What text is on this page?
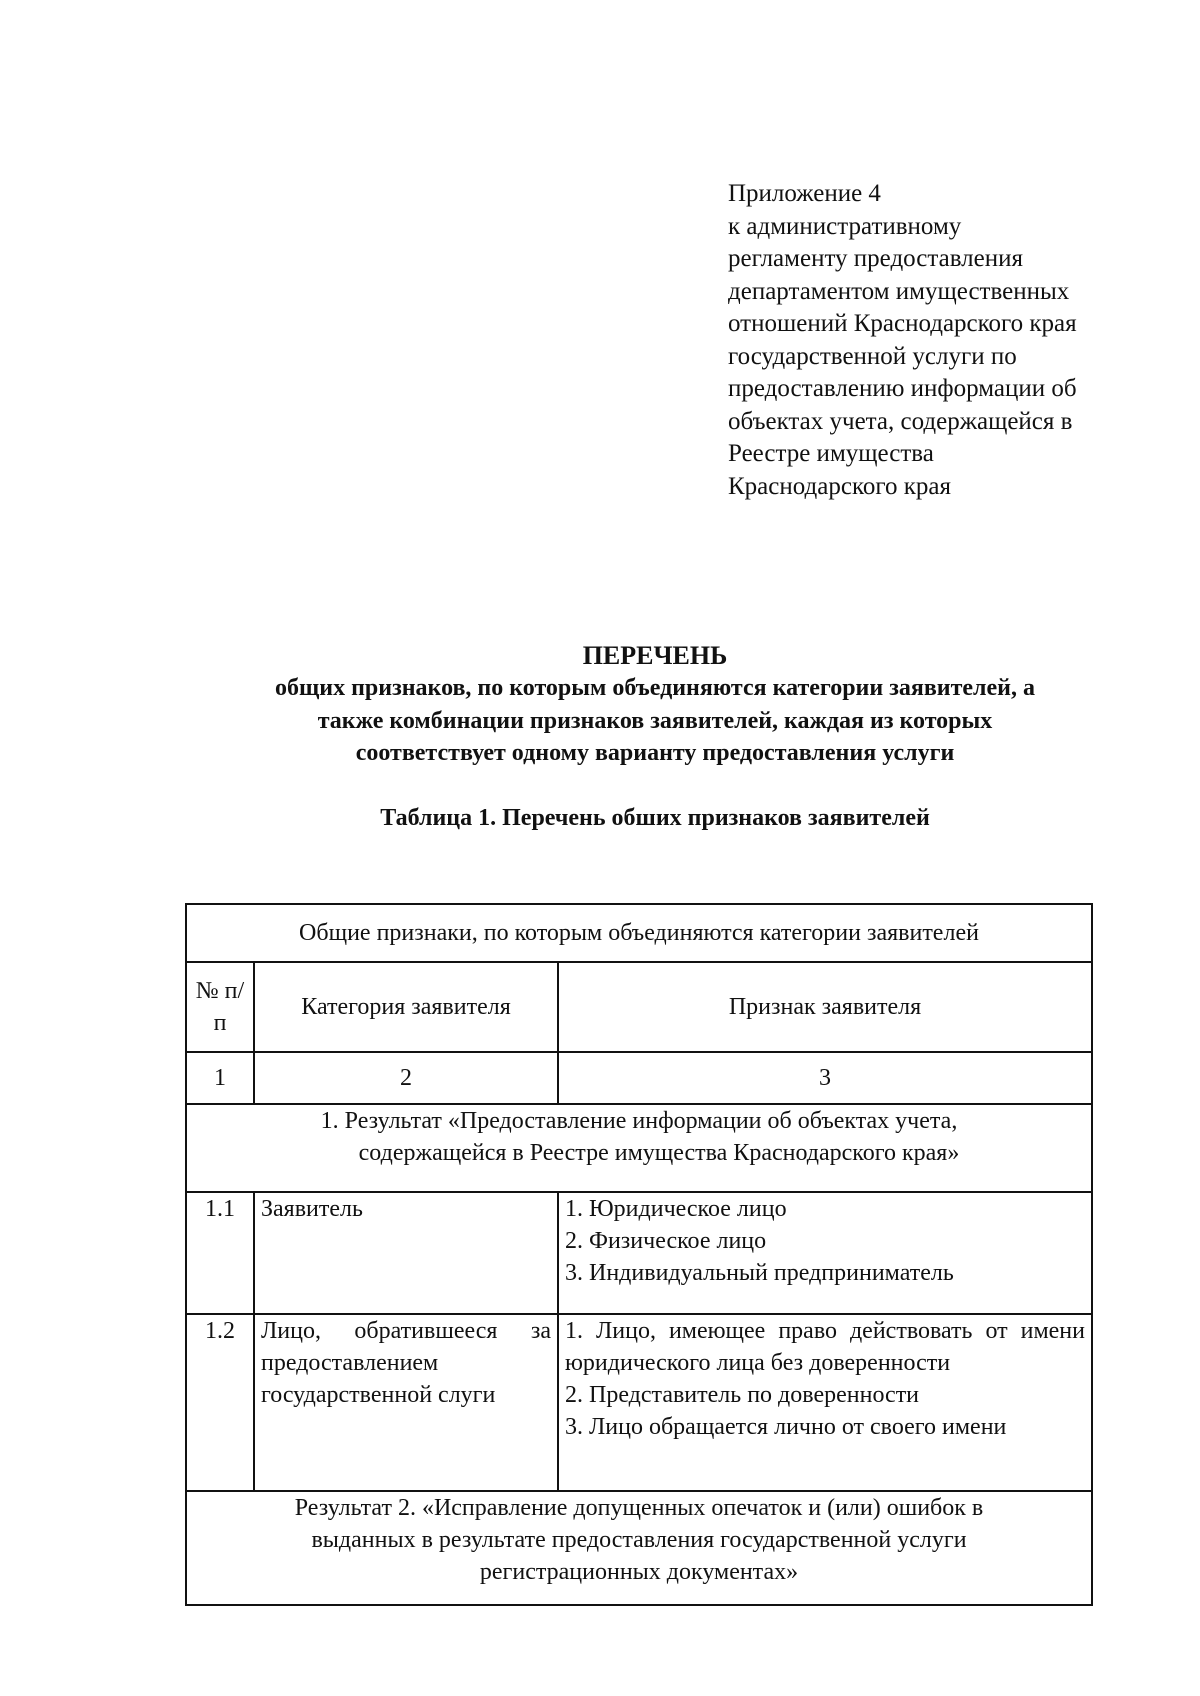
Приложение 4
к административному
регламенту предоставления
департаментом имущественных
отношений Краснодарского края
государственной услуги по
предоставлению информации об
объектах учета, содержащейся в
Реестре имущества
Краснодарского края
ПЕРЕЧЕНЬ
общих признаков, по которым объединяются категории заявителей, а
также комбинации признаков заявителей, каждая из которых
соответствует одному варианту предоставления услуги
Таблица 1. Перечень обших признаков заявителей
Общие признаки, по которым объединяются категории заявителей		
№ п/п	Категория заявителя	Признак заявителя
1	2	3

1. Результат «Предоставление информации об объектах учета,
содержащейся в Реестре имущества Краснодарского края»		

1.1	Заявитель	1. Юридическое лицо
2. Физическое лицо
3. Индивидуальный предприниматель

1.2	Лицо, обратившееся за предоставлением государственной слуги	1. Лицо, имеющее право действовать от имени юридического лица без доверенности
2. Представитель по доверенности
3. Лицо обращается лично от своего имени

Результат 2. «Исправление допущенных опечаток и (или) ошибок в
выданных в результате предоставления государственной услуги
регистрационных документах»		
